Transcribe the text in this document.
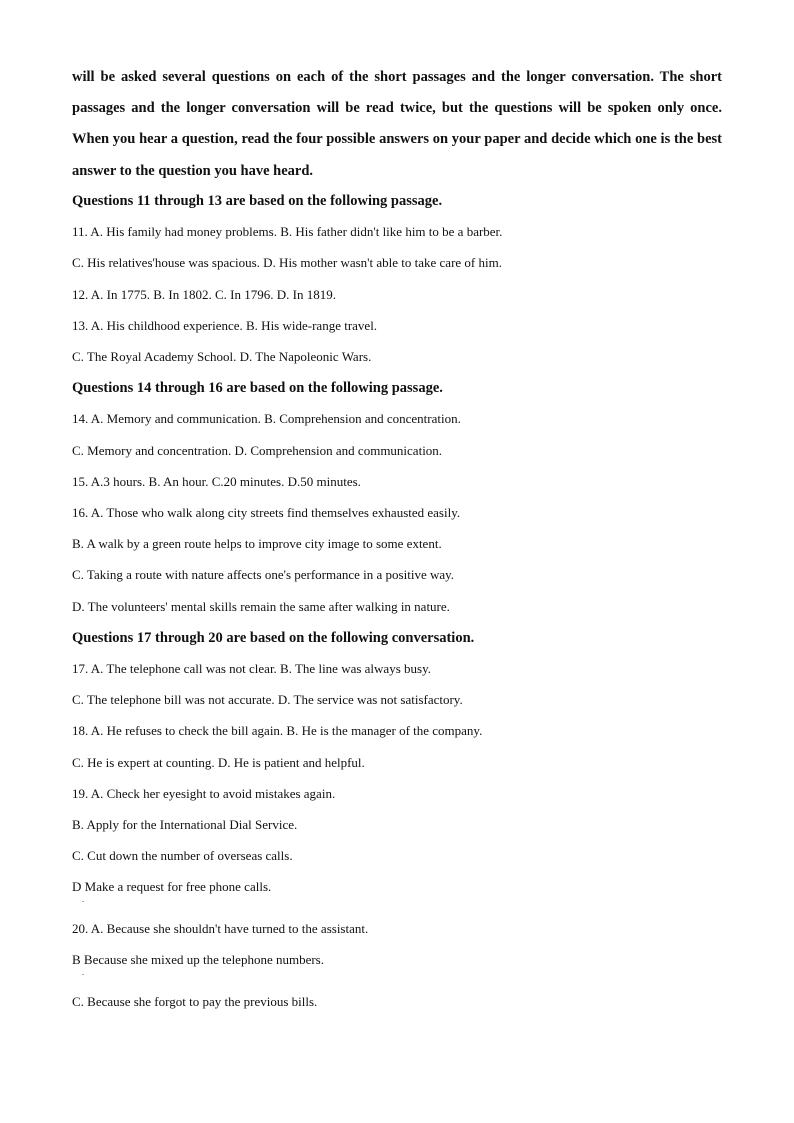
will be asked several questions on each of the short passages and the longer conversation. The short passages and the longer conversation will be read twice, but the questions will be spoken only once. When you hear a question, read the four possible answers on your paper and decide which one is the best answer to the question you have heard.
Questions 11 through 13 are based on the following passage.
11. A. His family had money problems. B. His father didn't like him to be a barber.
C. His relatives'house was spacious. D. His mother wasn't able to take care of him.
12. A. In 1775. B. In 1802. C. In 1796. D. In 1819.
13. A. His childhood experience. B. His wide-range travel.
C. The Royal Academy School. D. The Napoleonic Wars.
Questions 14 through 16 are based on the following passage.
14. A. Memory and communication. B. Comprehension and concentration.
C. Memory and concentration. D. Comprehension and communication.
15. A.3 hours. B. An hour. C.20 minutes. D.50 minutes.
16. A. Those who walk along city streets find themselves exhausted easily.
B. A walk by a green route helps to improve city image to some extent.
C. Taking a route with nature affects one's performance in a positive way.
D. The volunteers' mental skills remain the same after walking in nature.
Questions 17 through 20 are based on the following conversation.
17. A. The telephone call was not clear. B. The line was always busy.
C. The telephone bill was not accurate. D. The service was not satisfactory.
18. A. He refuses to check the bill again. B. He is the manager of the company.
C. He is expert at counting. D. He is patient and helpful.
19. A. Check her eyesight to avoid mistakes again.
B. Apply for the International Dial Service.
C. Cut down the number of overseas calls.
D Make a request for free phone calls.
.
20. A. Because she shouldn't have turned to the assistant.
B Because she mixed up the telephone numbers.
.
C. Because she forgot to pay the previous bills.
